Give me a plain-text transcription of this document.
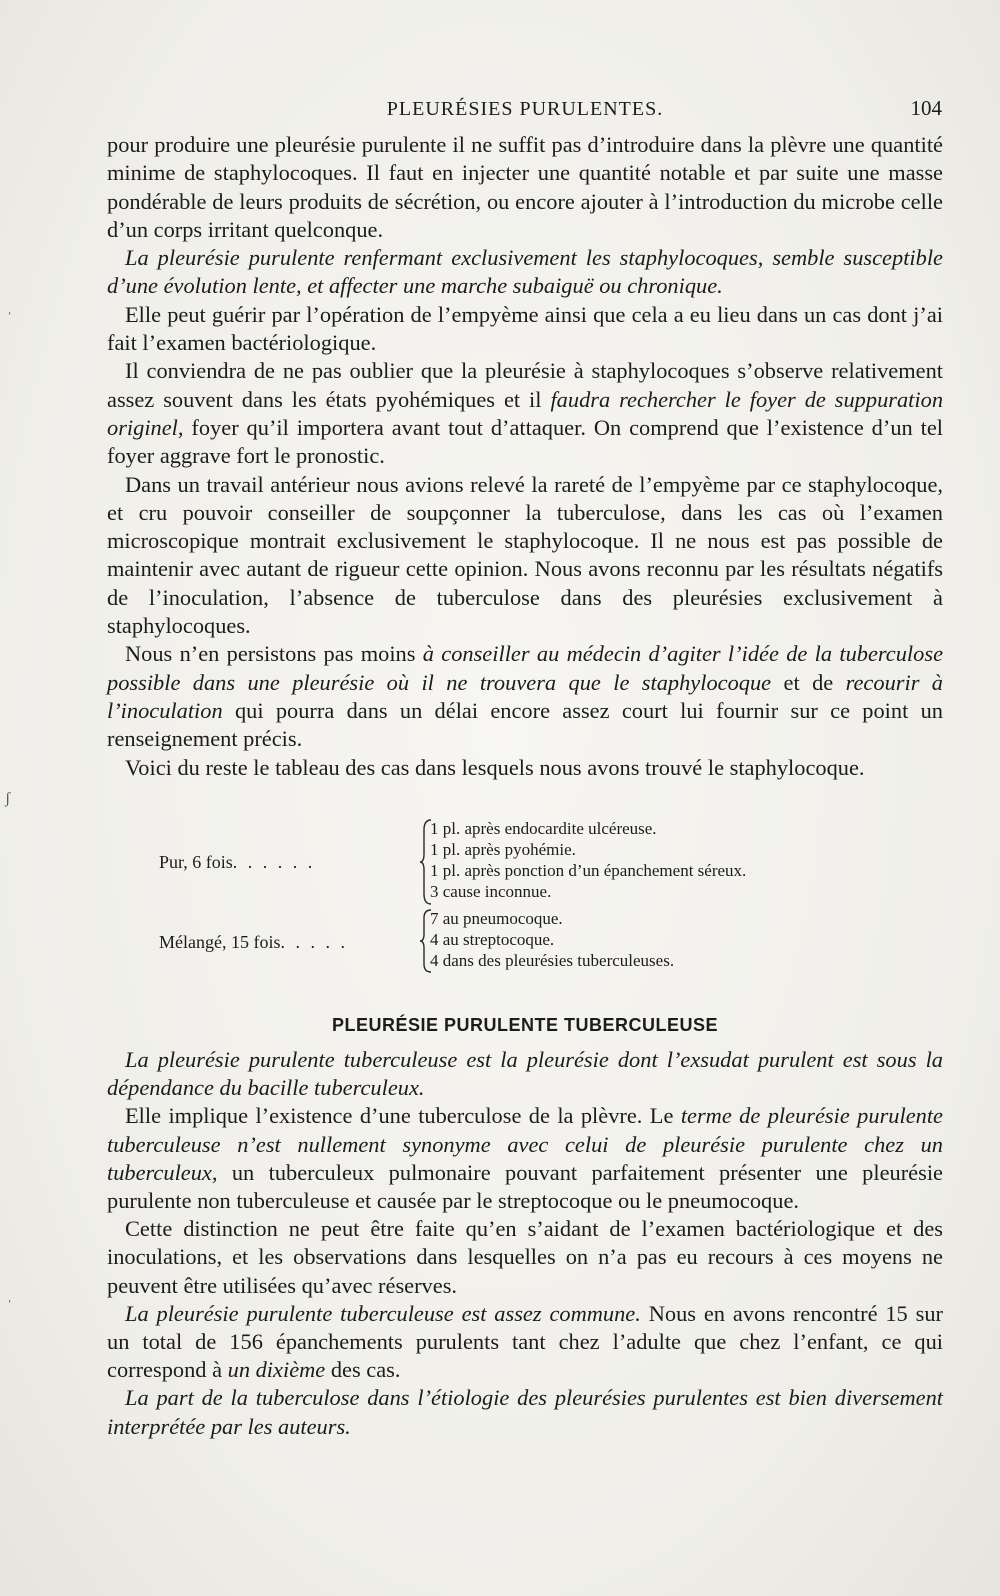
PLEURÉSIES PURULENTES.	104

pour produire une pleurésie purulente il ne suffit pas d’introduire dans la plèvre une quantité minime de staphylocoques. Il faut en injecter une quantité notable et par suite une masse pondérable de leurs produits de sécrétion, ou encore ajouter à l’introduction du microbe celle d’un corps irritant quelconque.

La pleurésie purulente renfermant exclusivement les staphylocoques, semble susceptible d’une évolution lente, et affecter une marche subaiguë ou chronique.

Elle peut guérir par l’opération de l’empyème ainsi que cela a eu lieu dans un cas dont j’ai fait l’examen bactériologique.

Il conviendra de ne pas oublier que la pleurésie à staphylocoques s’observe relativement assez souvent dans les états pyohémiques et il faudra rechercher le foyer de suppuration originel, foyer qu’il importera avant tout d’attaquer. On comprend que l’existence d’un tel foyer aggrave fort le pronostic.

Dans un travail antérieur nous avions relevé la rareté de l’empyème par ce staphylocoque, et cru pouvoir conseiller de soupçonner la tuberculose, dans les cas où l’examen microscopique montrait exclusivement le staphylocoque. Il ne nous est pas possible de maintenir avec autant de rigueur cette opinion. Nous avons reconnu par les résultats négatifs de l’inoculation, l’absence de tuberculose dans des pleurésies exclusivement à staphylocoques.

Nous n’en persistons pas moins à conseiller au médecin d’agiter l’idée de la tuberculose possible dans une pleurésie où il ne trouvera que le staphylocoque et de recourir à l’inoculation qui pourra dans un délai encore assez court lui fournir sur ce point un renseignement précis.

Voici du reste le tableau des cas dans lesquels nous avons trouvé le staphylocoque.

Pur, 6 fois. . . . . .
1 pl. après endocardite ulcéreuse.
1 pl. après pyohémie.
1 pl. après ponction d’un épanchement séreux.
3 cause inconnue.
Mélangé, 15 fois. . . . .
7 au pneumocoque.
4 au streptocoque.
4 dans des pleurésies tuberculeuses.
PLEURÉSIE PURULENTE TUBERCULEUSE

La pleurésie purulente tuberculeuse est la pleurésie dont l’exsudat purulent est sous la dépendance du bacille tuberculeux.

Elle implique l’existence d’une tuberculose de la plèvre. Le terme de pleurésie purulente tuberculeuse n’est nullement synonyme avec celui de pleurésie purulente chez un tuberculeux, un tuberculeux pulmonaire pouvant parfaitement présenter une pleurésie purulente non tuberculeuse et causée par le streptocoque ou le pneumocoque.

Cette distinction ne peut être faite qu’en s’aidant de l’examen bactériologique et des inoculations, et les observations dans lesquelles on n’a pas eu recours à ces moyens ne peuvent être utilisées qu’avec réserves.

La pleurésie purulente tuberculeuse est assez commune. Nous en avons rencontré 15 sur un total de 156 épanchements purulents tant chez l’adulte que chez l’enfant, ce qui correspond à un dixième des cas.

La part de la tuberculose dans l’étiologie des pleurésies purulentes est bien diversement interprétée par les auteurs.

ˌ
ʃ
ˈ
